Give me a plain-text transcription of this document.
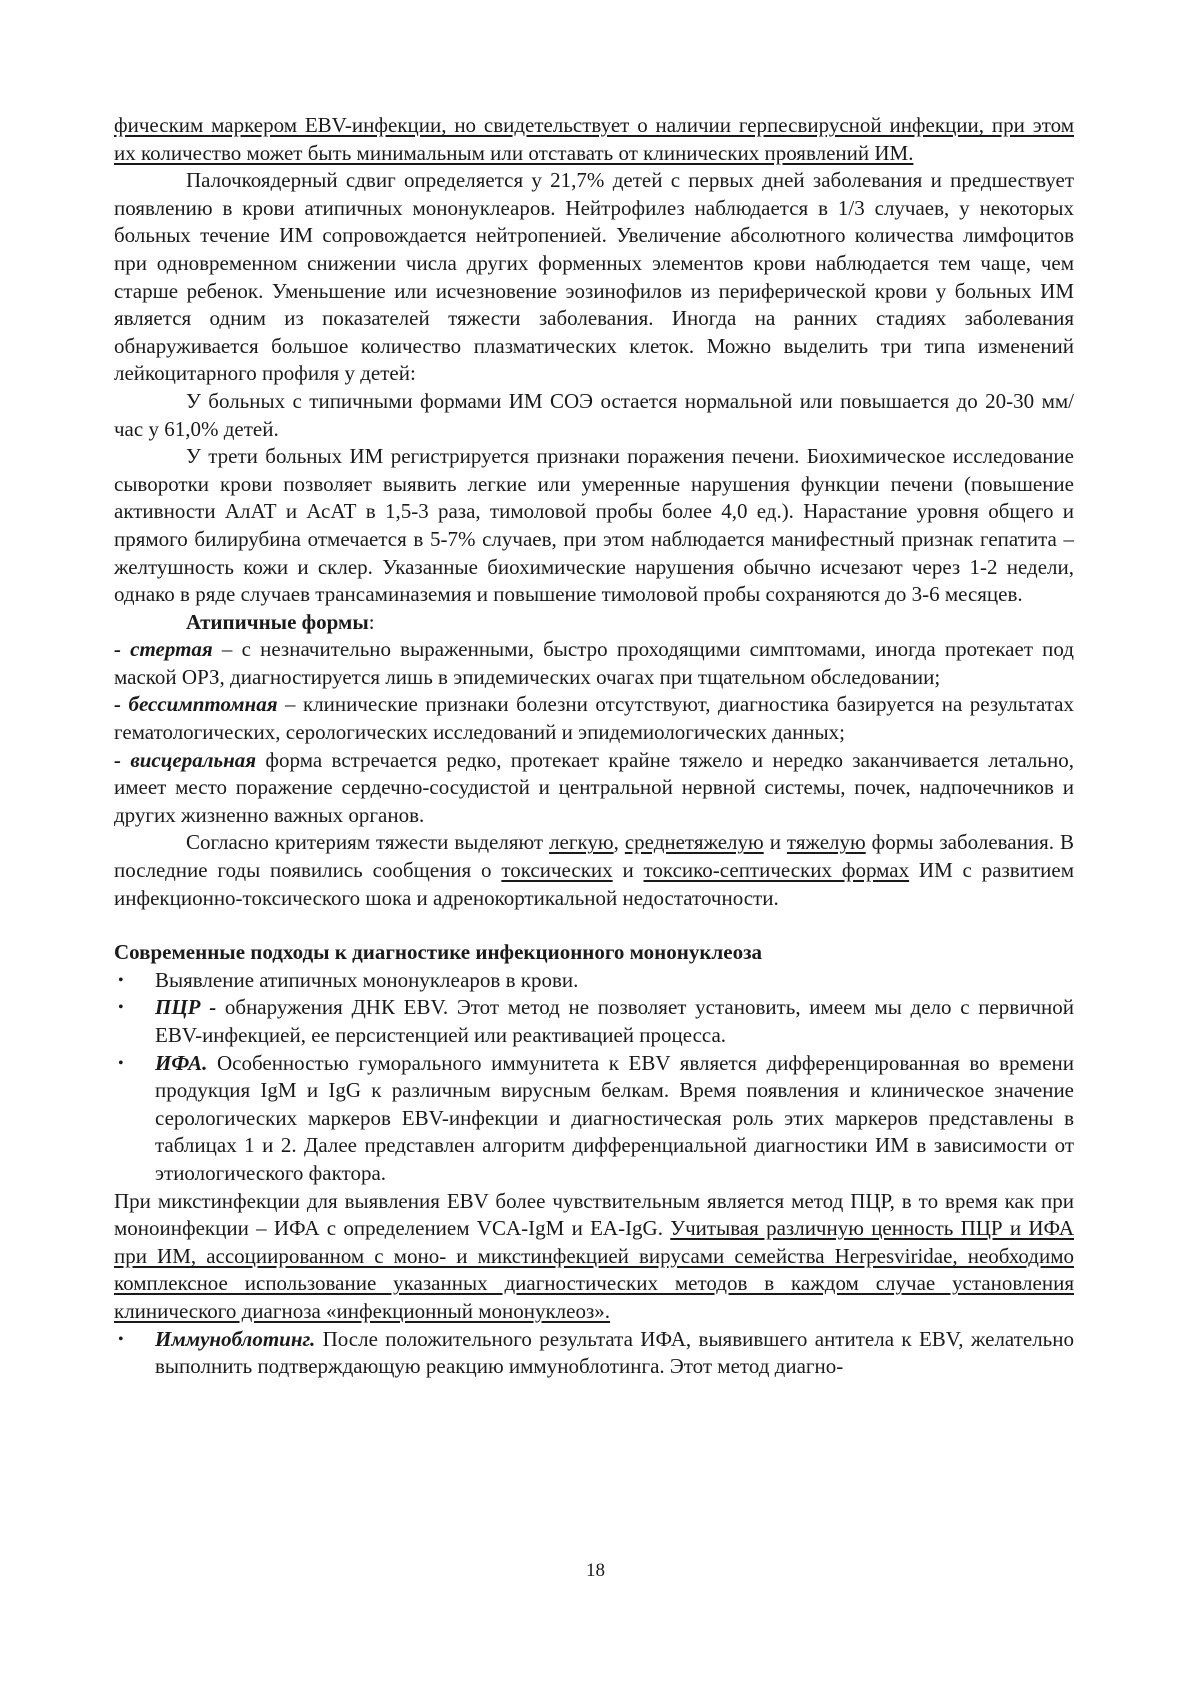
фическим маркером EBV-инфекции, но свидетельствует о наличии герпесвирусной инфекции, при этом их количество может быть минимальным или отставать от клинических проявлений ИМ.

Палочкоядерный сдвиг определяется у 21,7% детей с первых дней заболевания и предшествует появлению в крови атипичных мононуклеаров. Нейтрофилез наблюдается в 1/3 случаев, у некоторых больных течение ИМ сопровождается нейтропенией. Увеличение абсолютного количества лимфоцитов при одновременном снижении числа других форменных элементов крови наблюдается тем чаще, чем старше ребенок. Уменьшение или исчезновение эозинофилов из периферической крови у больных ИМ является одним из показателей тяжести заболевания. Иногда на ранних стадиях заболевания обнаруживается большое количество плазматических клеток. Можно выделить три типа изменений лейкоцитарного профиля у детей:

У больных с типичными формами ИМ СОЭ остается нормальной или повышается до 20-30 мм/час у 61,0% детей.

У трети больных ИМ регистрируется признаки поражения печени. Биохимическое исследование сыворотки крови позволяет выявить легкие или умеренные нарушения функции печени (повышение активности АлАТ и АсАТ в 1,5-3 раза, тимоловой пробы более 4,0 ед.). Нарастание уровня общего и прямого билирубина отмечается в 5-7% случаев, при этом наблюдается манифестный признак гепатита – желтушность кожи и склер. Указанные биохимические нарушения обычно исчезают через 1-2 недели, однако в ряде случаев трансаминаземия и повышение тимоловой пробы сохраняются до 3-6 месяцев.

Атипичные формы:

- стертая – с незначительно выраженными, быстро проходящими симптомами, иногда протекает под маской ОРЗ, диагностируется лишь в эпидемических очагах при тщательном обследовании;

- бессимптомная – клинические признаки болезни отсутствуют, диагностика базируется на результатах гематологических, серологических исследований и эпидемиологических данных;

- висцеральная форма встречается редко, протекает крайне тяжело и нередко заканчивается летально, имеет место поражение сердечно-сосудистой и центральной нервной системы, почек, надпочечников и других жизненно важных органов.

Согласно критериям тяжести выделяют легкую, среднетяжелую и тяжелую формы заболевания. В последние годы появились сообщения о токсических и токсико-септических формах ИМ с развитием инфекционно-токсического шока и адренокортикальной недостаточности.

Современные подходы к диагностике инфекционного мононуклеоза

• Выявление атипичных мононуклеаров в крови.
• ПЦР - обнаружения ДНК EBV. Этот метод не позволяет установить, имеем мы дело с первичной EBV-инфекцией, ее персистенцией или реактивацией процесса.
• ИФА. Особенностью гуморального иммунитета к EBV является дифференцированная во времени продукция IgM и IgG к различным вирусным белкам. Время появления и клиническое значение серологических маркеров EBV-инфекции и диагностическая роль этих маркеров представлены в таблицах 1 и 2. Далее представлен алгоритм дифференциальной диагностики ИМ в зависимости от этиологического фактора.

При микстинфекции для выявления EBV более чувствительным является метод ПЦР, в то время как при моноинфекции – ИФА с определением VCA-IgM и EA-IgG. Учитывая различную ценность ПЦР и ИФА при ИМ, ассоциированном с моно- и микстинфекцией вирусами семейства Herpesviridae, необходимо комплексное использование указанных диагностических методов в каждом случае установления клинического диагноза «инфекционный мононуклеоз».

• Иммуноблотинг. После положительного результата ИФА, выявившего антитела к EBV, желательно выполнить подтверждающую реакцию иммуноблотинга. Этот метод диагно-
18
